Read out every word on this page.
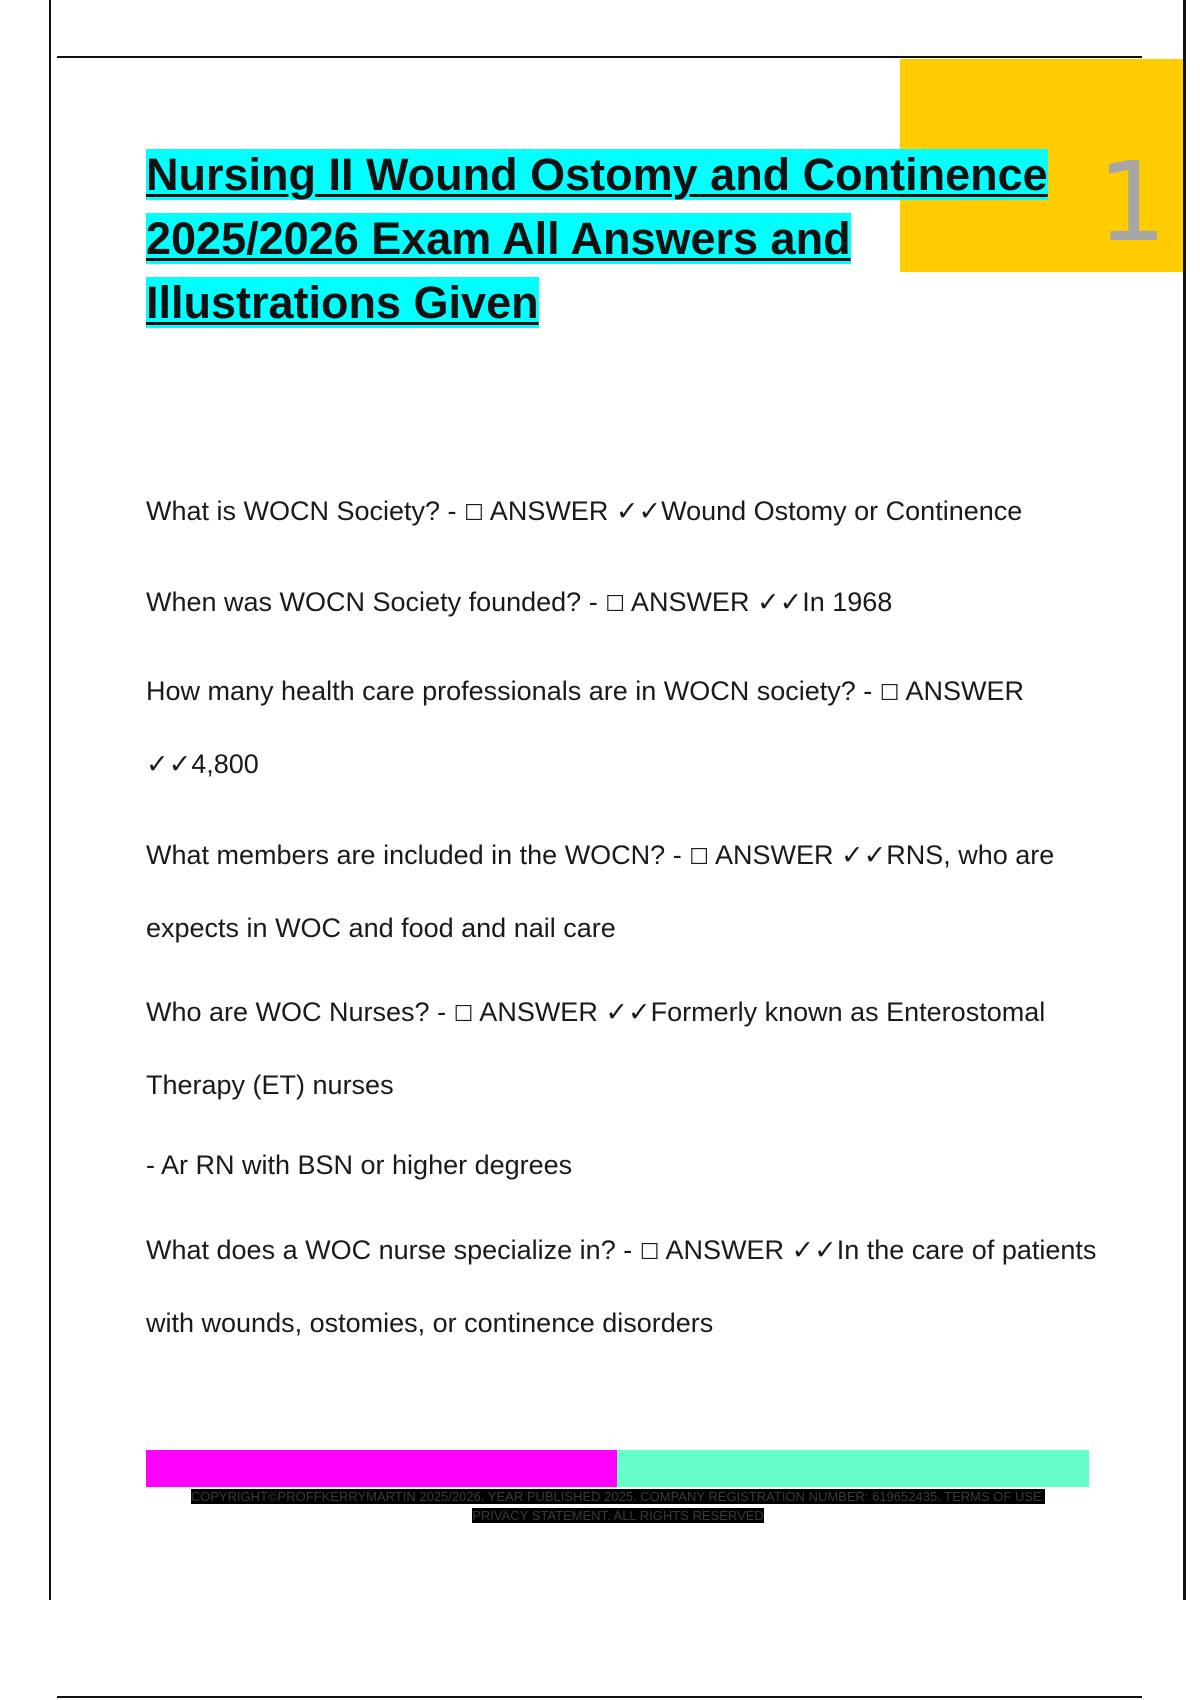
1
Nursing II Wound Ostomy and Continence 2025/2026 Exam All Answers and Illustrations Given

What is WOCN Society? - ☐ ANSWER ✓✓Wound Ostomy or Continence

When was WOCN Society founded? - ☐ ANSWER ✓✓In 1968

How many health care professionals are in WOCN society? - ☐ ANSWER ✓✓4,800

What members are included in the WOCN? - ☐ ANSWER ✓✓RNS, who are expects in WOC and food and nail care

Who are WOC Nurses? - ☐ ANSWER ✓✓Formerly known as Enterostomal Therapy (ET) nurses

- Ar RN with BSN or higher degrees

What does a WOC nurse specialize in? - ☐ ANSWER ✓✓In the care of patients with wounds, ostomies, or continence disorders

COPYRIGHT©PROFFKERRYMARTIN 2025/2026. YEAR PUBLISHED 2025. COMPANY REGISTRATION NUMBER: 619652435. TERMS OF USE.
PRIVACY STATEMENT. ALL RIGHTS RESERVED
